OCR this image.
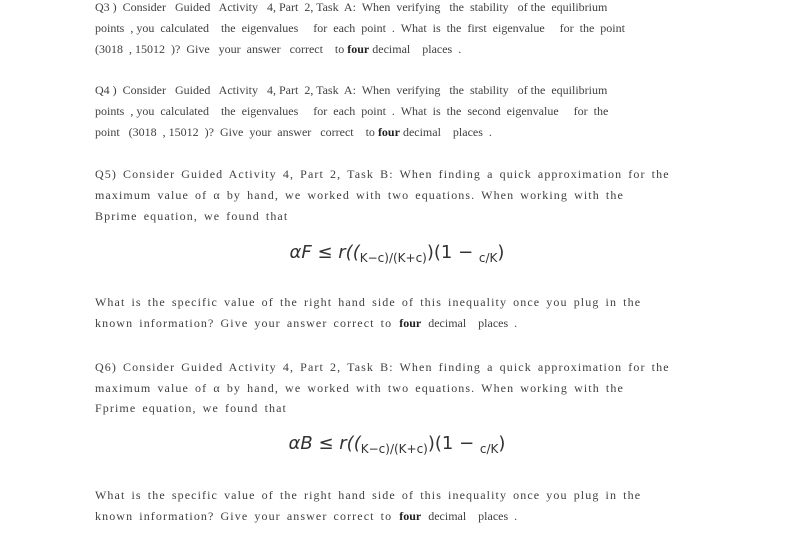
Q3 )  Consider   Guided   Activity   4, Part  2, Task  A:  When  verifying   the  stability   of the  equilibrium
points  , you  calculated    the  eigenvalues     for  each  point  .  What  is  the  first  eigenvalue     for  the  point
(3018  , 15012  )?  Give   your  answer   correct    to four decimal    places  .
Q4 )  Consider   Guided   Activity   4, Part  2, Task  A:  When  verifying   the  stability   of the  equilibrium
points  , you  calculated    the  eigenvalues     for  each  point  .  What  is  the  second  eigenvalue     for  the
point   (3018  , 15012  )?  Give  your  answer   correct    to four decimal    places  .
Q5) Consider Guided Activity 4, Part 2, Task B: When finding a quick approximation for the
maximum value of α by hand, we worked with two equations. When working with the
Bprime equation, we found that
$\alpha F \le r((_{K-c)/(K+c)})(1 - _{c/K})$
What is the specific value of the right hand side of this inequality once you plug in the
known information? Give your answer correct to four decimal    places  .
Q6) Consider Guided Activity 4, Part 2, Task B: When finding a quick approximation for the
maximum value of α by hand, we worked with two equations. When working with the
Fprime equation, we found that
$\alpha B \le r((_{K-c)/(K+c)})(1 - _{c/K})$
What is the specific value of the right hand side of this inequality once you plug in the
known information? Give your answer correct to four decimal    places  .
